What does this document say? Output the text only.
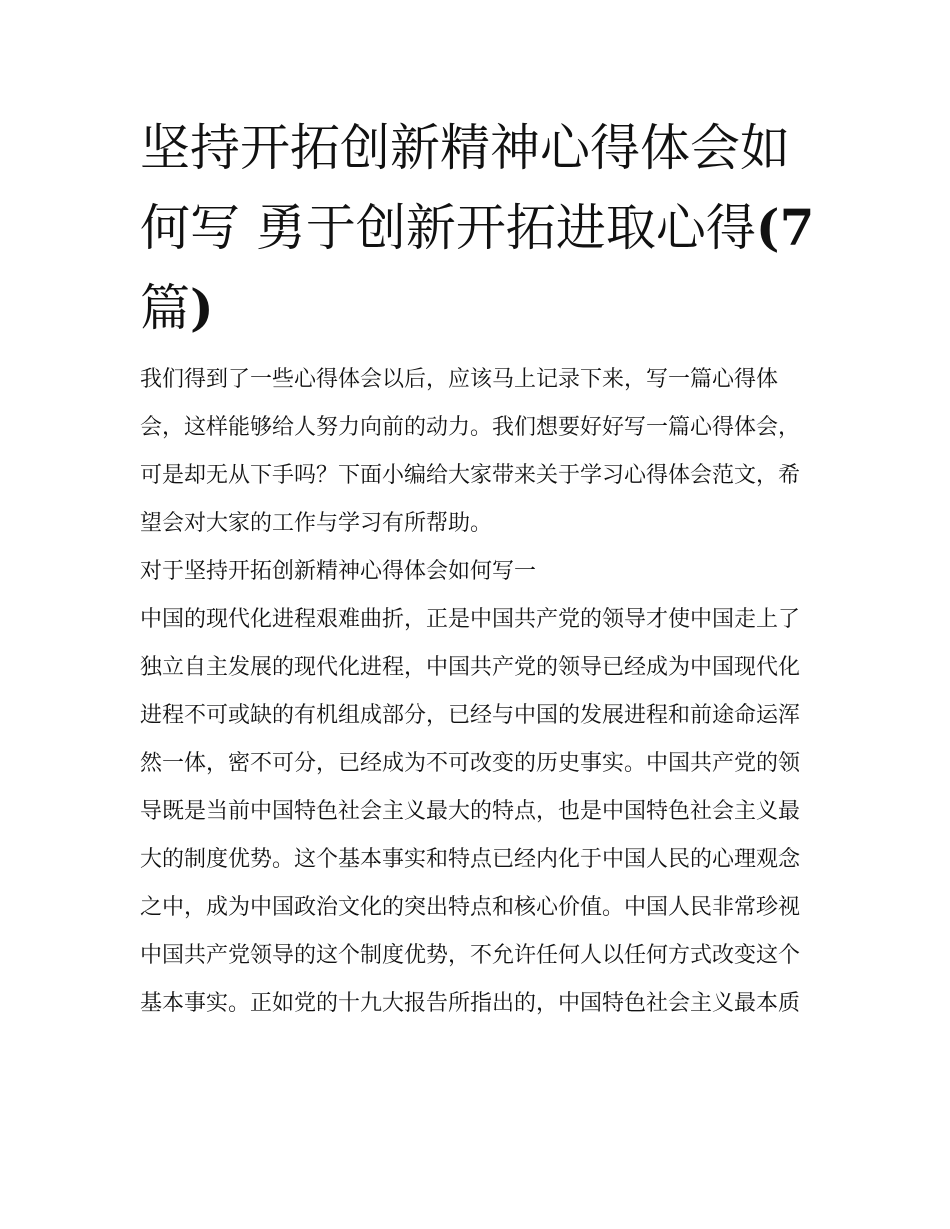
坚持开拓创新精神心得体会如
何写 勇于创新开拓进取心得(7
篇)

我们得到了一些心得体会以后，应该马上记录下来，写一篇心得体会，这样能够给人努力向前的动力。我们想要好好写一篇心得体会，可是却无从下手吗？下面小编给大家带来关于学习心得体会范文，希望会对大家的工作与学习有所帮助。

对于坚持开拓创新精神心得体会如何写一

中国的现代化进程艰难曲折，正是中国共产党的领导才使中国走上了独立自主发展的现代化进程，中国共产党的领导已经成为中国现代化进程不可或缺的有机组成部分，已经与中国的发展进程和前途命运浑然一体，密不可分，已经成为不可改变的历史事实。中国共产党的领导既是当前中国特色社会主义最大的特点，也是中国特色社会主义最大的制度优势。这个基本事实和特点已经内化于中国人民的心理观念之中，成为中国政治文化的突出特点和核心价值。中国人民非常珍视中国共产党领导的这个制度优势，不允许任何人以任何方式改变这个基本事实。正如党的十九大报告所指出的，中国特色社会主义最本质
